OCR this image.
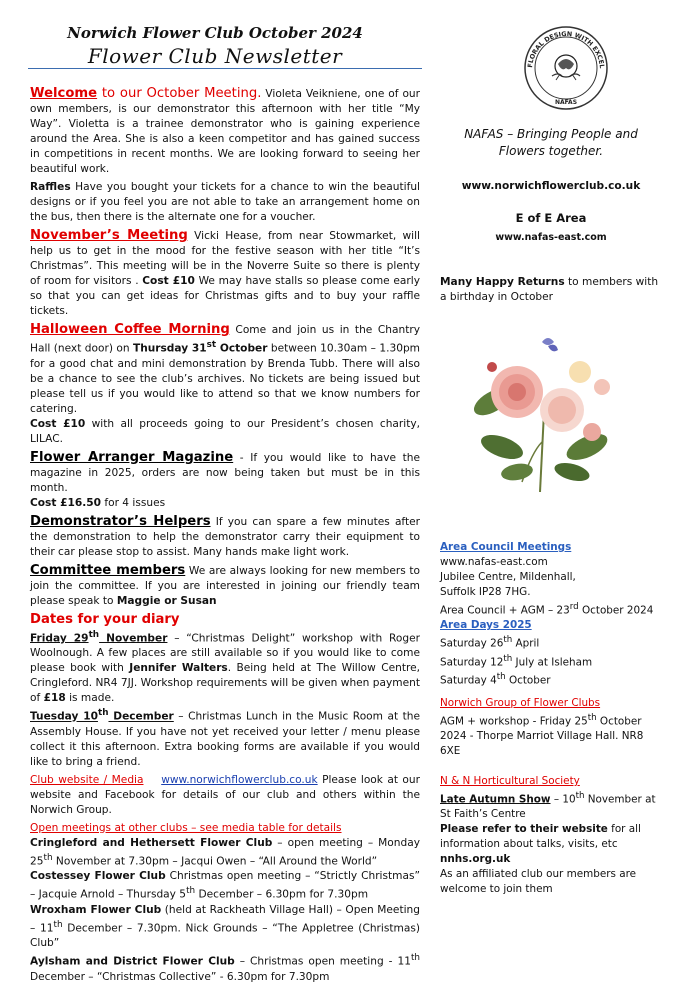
Norwich Flower Club October 2024
Flower Club Newsletter

Welcome to our October Meeting. Violeta Veikniene, one of our own members, is our demonstrator this afternoon with her title “My Way”. Violetta is a trainee demonstrator who is gaining experience around the Area. She is also a keen competitor and has gained success in competitions in recent months. We are looking forward to seeing her beautiful work.

Raffles Have you bought your tickets for a chance to win the beautiful designs or if you feel you are not able to take an arrangement home on the bus, then there is the alternate one for a voucher.

November’s Meeting Vicki Hease, from near Stowmarket, will help us to get in the mood for the festive season with her title “It’s Christmas”. This meeting will be in the Noverre Suite so there is plenty of room for visitors . Cost £10 We may have stalls so please come early so that you can get ideas for Christmas gifts and to buy your raffle tickets.

Halloween Coffee Morning Come and join us in the Chantry Hall (next door) on Thursday 31st October between 10.30am – 1.30pm for a good chat and mini demonstration by Brenda Tubb. There will also be a chance to see the club’s archives. No tickets are being issued but please tell us if you would like to attend so that we know numbers for catering.
Cost £10 with all proceeds going to our President’s chosen charity, LILAC.

Flower Arranger Magazine - If you would like to have the magazine in 2025, orders are now being taken but must be in this month.
Cost £16.50 for 4 issues

Demonstrator’s Helpers If you can spare a few minutes after the demonstration to help the demonstrator carry their equipment to their car please stop to assist. Many hands make light work.

Committee members We are always looking for new members to join the committee. If you are interested in joining our friendly team please speak to Maggie or Susan

Dates for your diary
Friday 29th November – “Christmas Delight” workshop with Roger Woolnough. A few places are still available so if you would like to come please book with Jennifer Walters. Being held at The Willow Centre, Cringleford. NR4 7JJ. Workshop requirements will be given when payment of £18 is made.
Tuesday 10th December – Christmas Lunch in the Music Room at the Assembly House. If you have not yet received your letter / menu please collect it this afternoon. Extra booking forms are available if you would like to bring a friend.

Club website / Media www.norwichflowerclub.co.uk Please look at our website and Facebook for details of our club and others within the Norwich Group.

Open meetings at other clubs – see media table for details
Cringleford and Hethersett Flower Club – open meeting – Monday 25th November at 7.30pm – Jacqui Owen – “All Around the World”
Costessey Flower Club Christmas open meeting – “Strictly Christmas” – Jacquie Arnold – Thursday 5th December – 6.30pm for 7.30pm
Wroxham Flower Club (held at Rackheath Village Hall) – Open Meeting – 11th December – 7.30pm. Nick Grounds – “The Appletree (Christmas) Club”
Aylsham and District Flower Club – Christmas open meeting - 11th December – “Christmas Collective” - 6.30pm for 7.30pm

FLORAL DESIGN WITH EXCEL
NAFAS
NAFAS – Bringing People and Flowers together.
www.norwichflowerclub.co.uk
E of E Area
www.nafas-east.com
Many Happy Returns to members with a birthday in October
Area Council Meetings
www.nafas-east.com
Jubilee Centre, Mildenhall,
Suffolk IP28 7HG.
Area Council + AGM – 23rd October 2024
Area Days 2025
Saturday 26th April
Saturday 12th July at Isleham
Saturday 4th October
Norwich Group of Flower Clubs
AGM + workshop - Friday 25th October 2024 - Thorpe Marriot Village Hall. NR8 6XE
N & N Horticultural Society
Late Autumn Show – 10th November at St Faith’s Centre
Please refer to their website for all information about talks, visits, etc
nnhs.org.uk
As an affiliated club our members are welcome to join them
